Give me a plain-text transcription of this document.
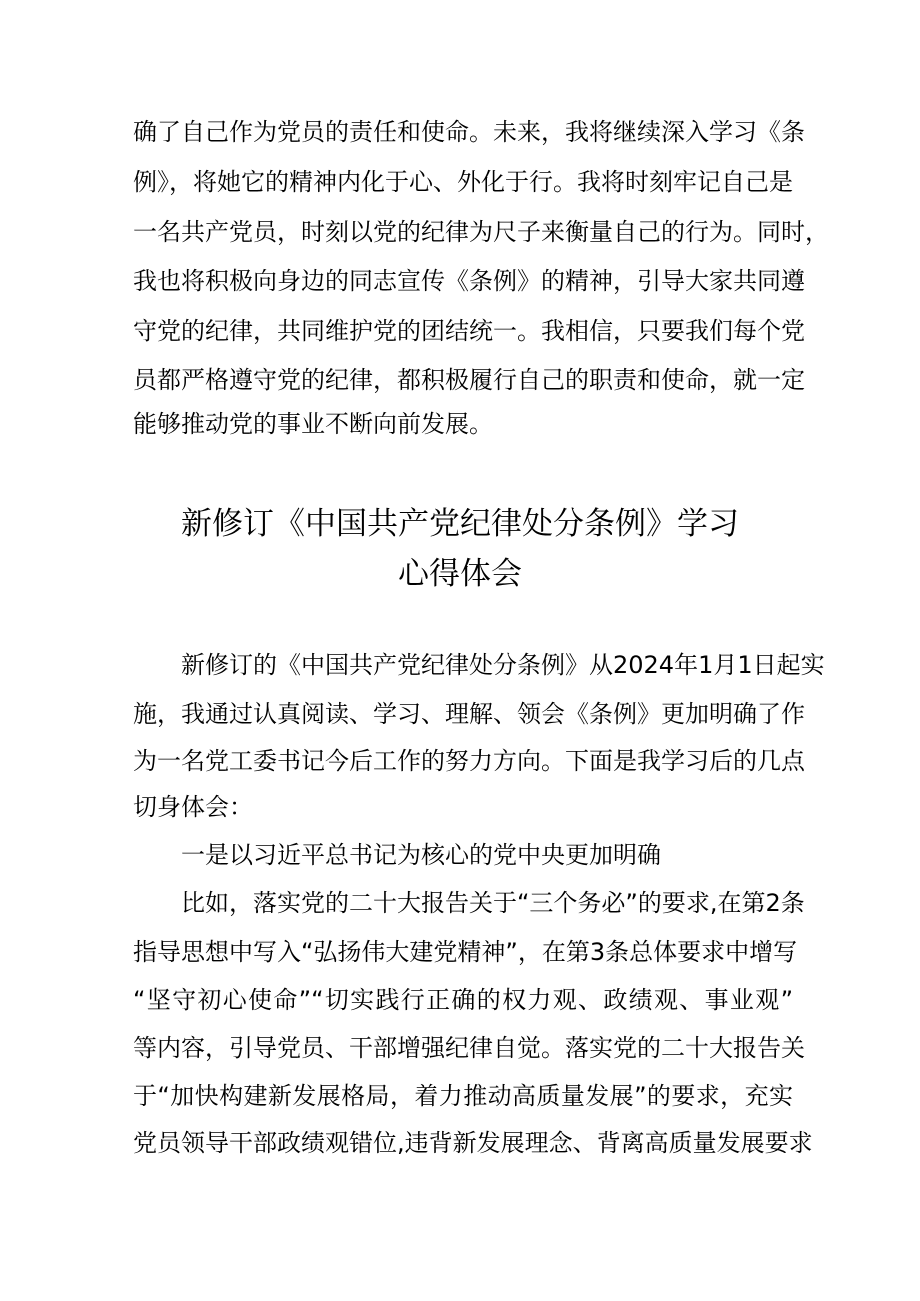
确了自己作为党员的责任和使命。未来，我将继续深入学习《条
例》，将她它的精神内化于心、外化于行。我将时刻牢记自己是
一名共产党员，时刻以党的纪律为尺子来衡量自己的行为。同时，
我也将积极向身边的同志宣传《条例》的精神，引导大家共同遵
守党的纪律，共同维护党的团结统一。我相信，只要我们每个党
员都严格遵守党的纪律，都积极履行自己的职责和使命，就一定
能够推动党的事业不断向前发展。
新修订《中国共产党纪律处分条例》学习
心得体会
新修订的《中国共产党纪律处分条例》从2024年1月1日起实
施，我通过认真阅读、学习、理解、领会《条例》更加明确了作
为一名党工委书记今后工作的努力方向。下面是我学习后的几点
切身体会：
一是以习近平总书记为核心的党中央更加明确
比如，落实党的二十大报告关于“三个务必”的要求,在第2条
指导思想中写入“弘扬伟大建党精神”，在第3条总体要求中增写
“坚守初心使命”“切实践行正确的权力观、政绩观、事业观”
等内容，引导党员、干部增强纪律自觉。落实党的二十大报告关
于“加快构建新发展格局，着力推动高质量发展”的要求，充实
党员领导干部政绩观错位,违背新发展理念、背离高质量发展要求
